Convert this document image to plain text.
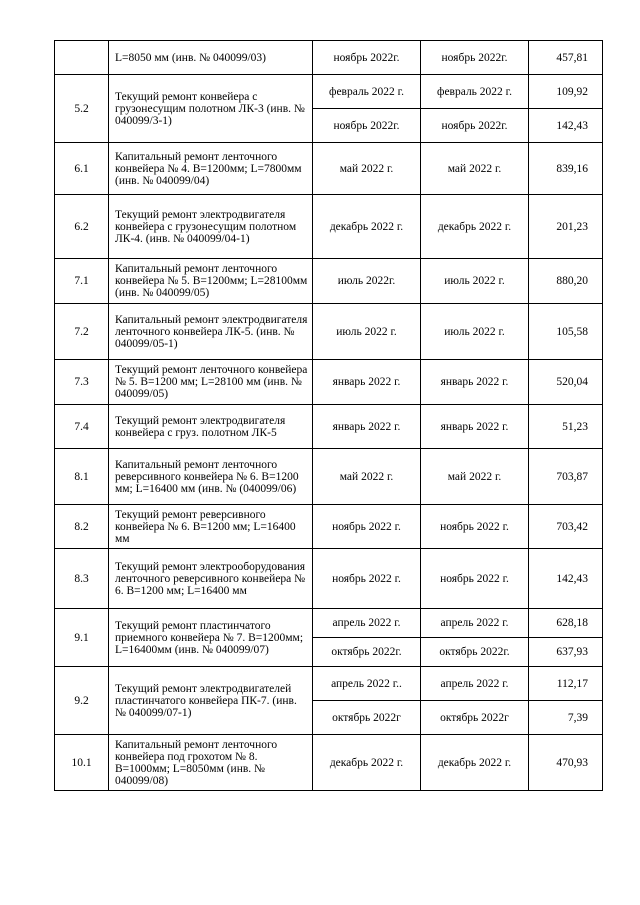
	L=8050 мм (инв. № 040099/03)	ноябрь 2022г.	ноябрь 2022г.	457,81
5.2	Текущий ремонт конвейера с грузонесущим полотном ЛК-3 (инв. № 040099/3-1)	февраль 2022 г.	февраль 2022 г.	109,92
		ноябрь 2022г.	ноябрь 2022г.	142,43
6.1	Капитальный ремонт ленточного конвейера № 4. В=1200мм; L=7800мм (инв. № 040099/04)	май 2022 г.	май 2022 г.	839,16
6.2	Текущий ремонт электродвигателя конвейера с грузонесущим полотном ЛК-4. (инв. № 040099/04-1)	декабрь 2022 г.	декабрь 2022 г.	201,23
7.1	Капитальный ремонт ленточного конвейера № 5. В=1200мм; L=28100мм (инв. № 040099/05)	июль 2022г.	июль 2022 г.	880,20
7.2	Капитальный ремонт электродвигателя ленточного конвейера ЛК-5. (инв. № 040099/05-1)	июль 2022 г.	июль 2022 г.	105,58
7.3	Текущий ремонт ленточного конвейера № 5. В=1200 мм; L=28100 мм (инв. № 040099/05)	январь 2022 г.	январь 2022 г.	520,04
7.4	Текущий ремонт электродвигателя конвейера с груз. полотном ЛК-5	январь 2022 г.	январь 2022 г.	51,23
8.1	Капитальный ремонт ленточного реверсивного конвейера № 6. В=1200 мм; L=16400 мм (инв. № (040099/06)	май 2022 г.	май 2022 г.	703,87
8.2	Текущий ремонт реверсивного конвейера № 6. В=1200 мм; L=16400 мм	ноябрь 2022 г.	ноябрь 2022 г.	703,42
8.3	Текущий ремонт электрооборудования ленточного реверсивного конвейера № 6. В=1200 мм; L=16400 мм	ноябрь 2022 г.	ноябрь 2022 г.	142,43
9.1	Текущий ремонт пластинчатого приемного конвейера № 7. В=1200мм; L=16400мм (инв. № 040099/07)	апрель 2022 г.	апрель 2022 г.	628,18
		октябрь 2022г.	октябрь 2022г.	637,93
9.2	Текущий ремонт электродвигателей пластинчатого конвейера ПК-7. (инв. № 040099/07-1)	апрель 2022 г..	апрель 2022 г.	112,17
		октябрь 2022г	октябрь 2022г	7,39
10.1	Капитальный ремонт ленточного конвейера под грохотом № 8. В=1000мм; L=8050мм (инв. № 040099/08)	декабрь 2022 г.	декабрь 2022 г.	470,93
